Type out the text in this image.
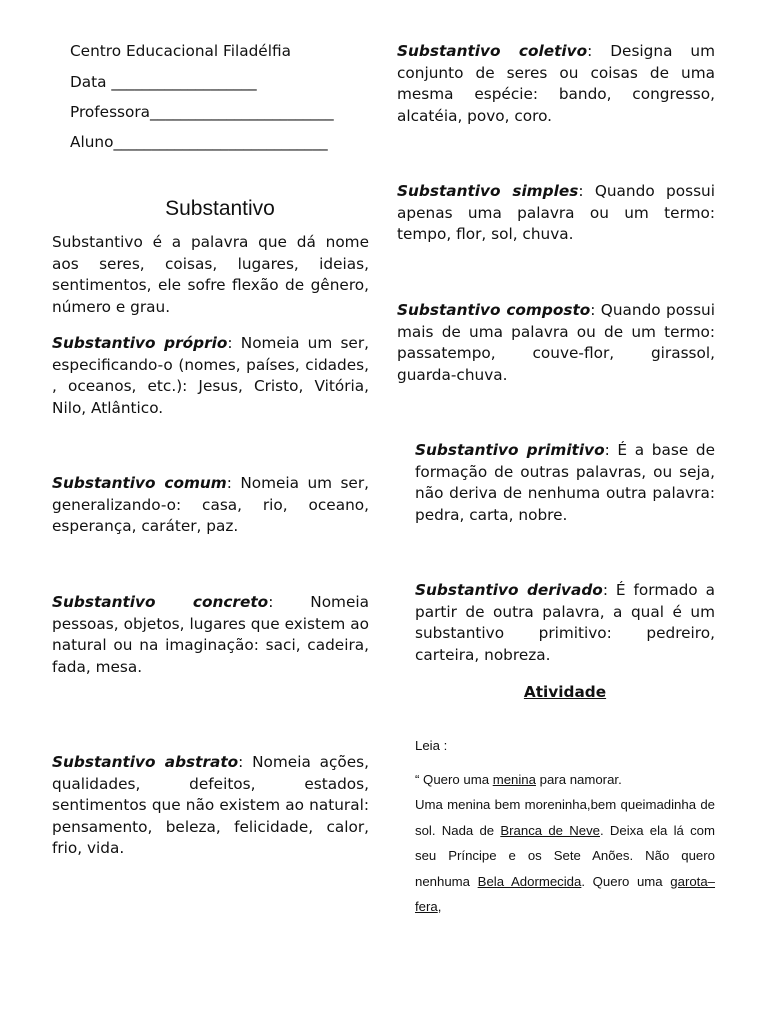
Centro Educacional Filadélfia
Data ___________________
Professora________________________
Aluno____________________________
Substantivo
Substantivo é a palavra que dá nome aos seres, coisas, lugares, ideias, sentimentos, ele sofre flexão de gênero, número e grau.
Substantivo próprio: Nomeia um ser, especificando-o (nomes, países, cidades, , oceanos, etc.): Jesus, Cristo, Vitória, Nilo, Atlântico.
Substantivo comum: Nomeia um ser, generalizando-o: casa, rio, oceano, esperança, caráter, paz.
Substantivo concreto: Nomeia pessoas, objetos, lugares que existem ao natural ou na imaginação: saci, cadeira, fada, mesa.
Substantivo abstrato: Nomeia ações, qualidades, defeitos, estados, sentimentos que não existem ao natural: pensamento, beleza, felicidade, calor, frio, vida.
Substantivo coletivo: Designa um conjunto de seres ou coisas de uma mesma espécie: bando, congresso, alcatéia, povo, coro.
Substantivo simples: Quando possui apenas uma palavra ou um termo: tempo, flor, sol, chuva.
Substantivo composto: Quando possui mais de uma palavra ou de um termo: passatempo, couve-flor, girassol, guarda-chuva.
Substantivo primitivo: É a base de formação de outras palavras, ou seja, não deriva de nenhuma outra palavra: pedra, carta, nobre.
Substantivo derivado: É formado a partir de outra palavra, a qual é um substantivo primitivo: pedreiro, carteira, nobreza.
Atividade
Leia :
“ Quero uma menina para namorar.
Uma menina bem moreninha,bem queimadinha de sol. Nada de Branca de Neve. Deixa ela lá com seu Príncipe e os Sete Anões. Não quero nenhuma Bela Adormecida. Quero uma garota–fera,
